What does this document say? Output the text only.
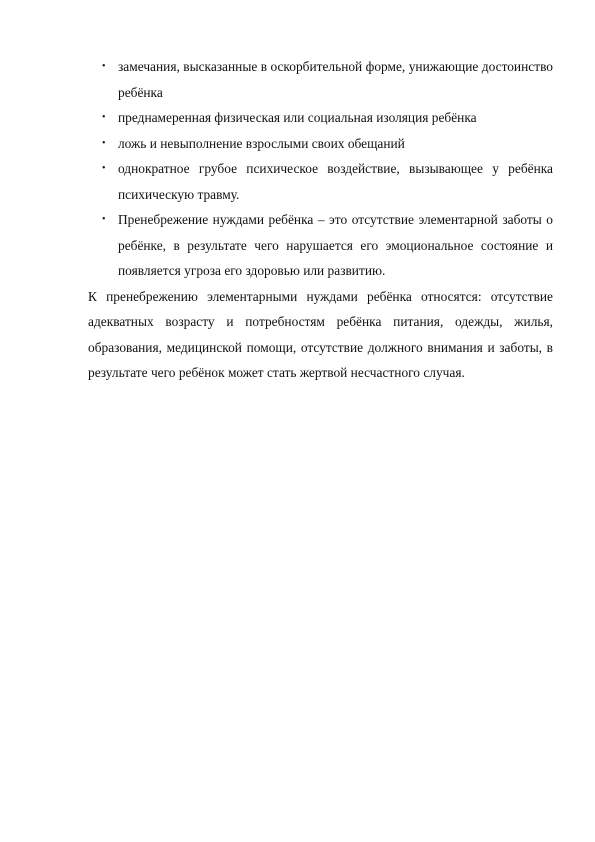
• замечания, высказанные в оскорбительной форме, унижающие достоинство ребёнка
• преднамеренная физическая или социальная изоляция ребёнка
• ложь и невыполнение взрослыми своих обещаний
• однократное грубое психическое воздействие, вызывающее у ребёнка психическую травму.
• Пренебрежение нуждами ребёнка – это отсутствие элементарной заботы о ребёнке, в результате чего нарушается его эмоциональное состояние и появляется угроза его здоровью или развитию.

К пренебрежению элементарными нуждами ребёнка относятся: отсутствие адекватных возрасту и потребностям ребёнка питания, одежды, жилья, образования, медицинской помощи, отсутствие должного внимания и заботы, в результате чего ребёнок может стать жертвой несчастного случая.
